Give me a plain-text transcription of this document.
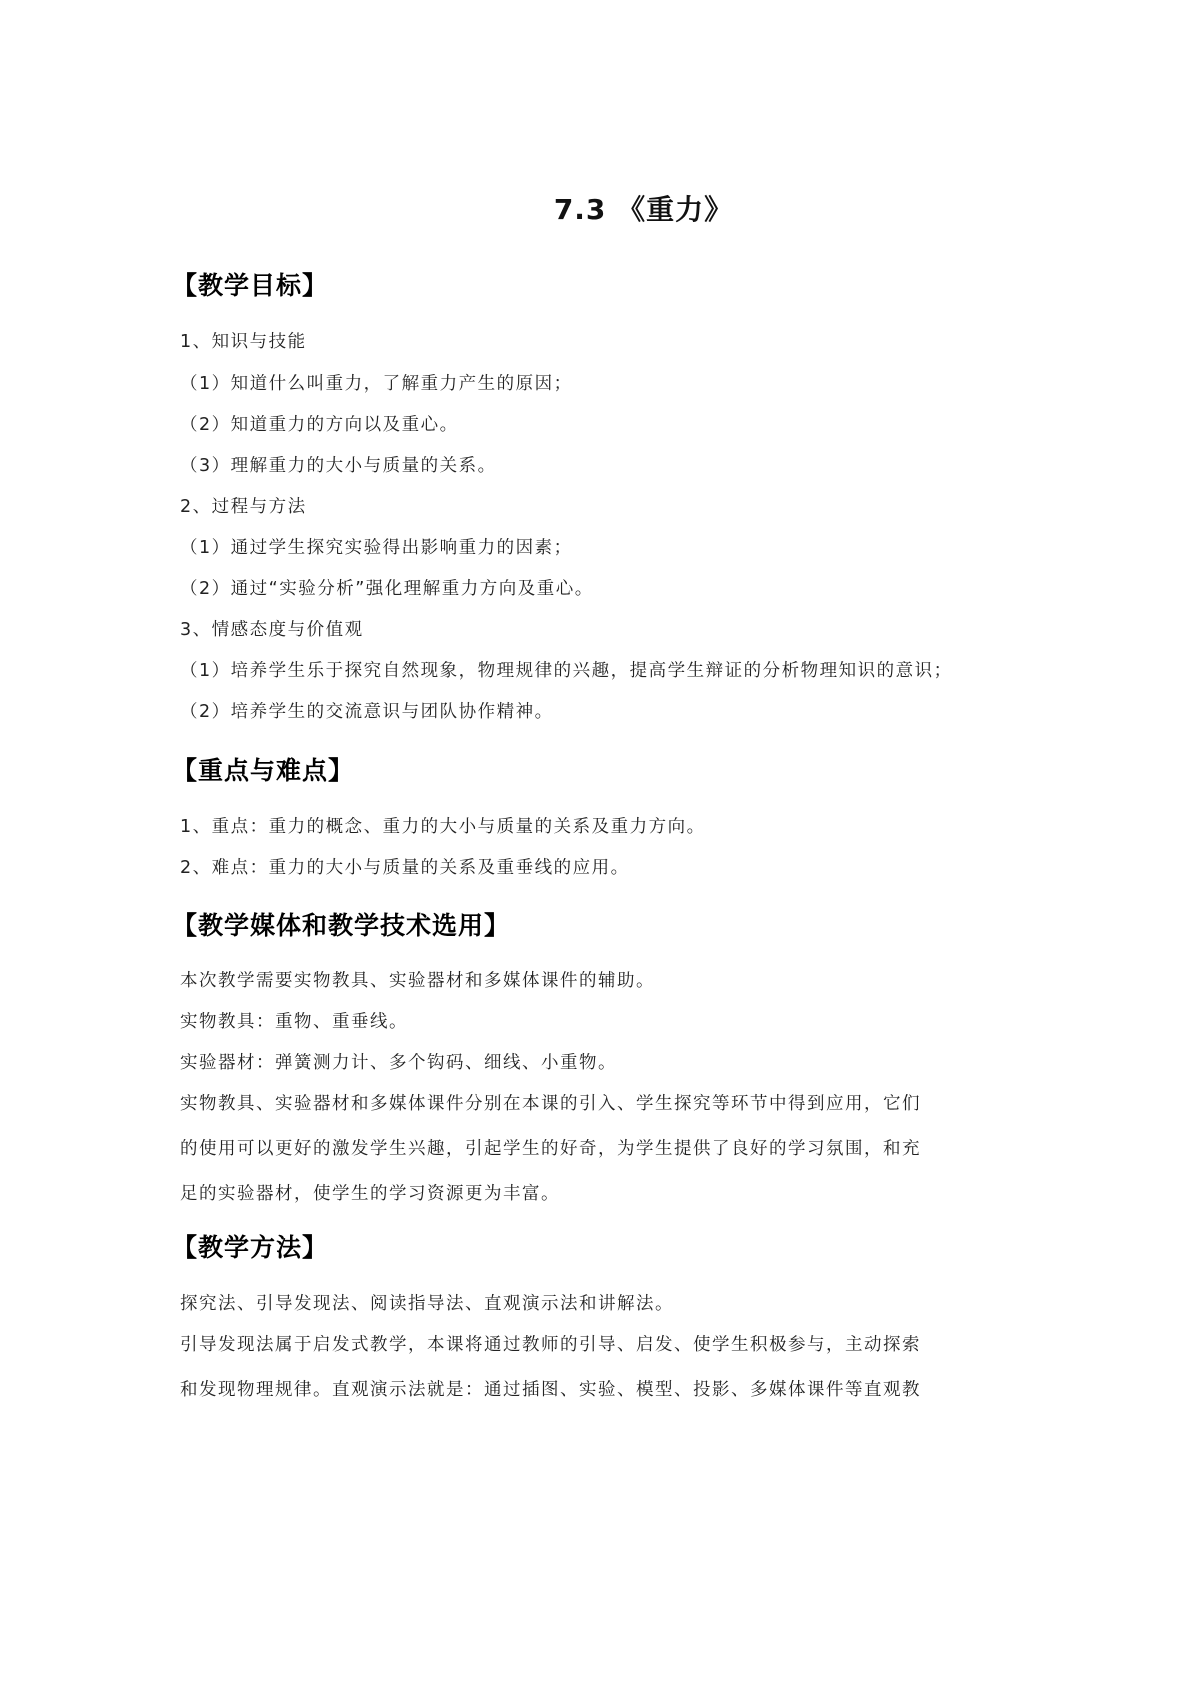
7.3 《重力》
【教学目标】
1、知识与技能
（1）知道什么叫重力，了解重力产生的原因；
（2）知道重力的方向以及重心。
（3）理解重力的大小与质量的关系。
2、过程与方法
（1）通过学生探究实验得出影响重力的因素；
（2）通过“实验分析”强化理解重力方向及重心。
3、情感态度与价值观
（1）培养学生乐于探究自然现象，物理规律的兴趣，提高学生辩证的分析物理知识的意识；
（2）培养学生的交流意识与团队协作精神。
【重点与难点】
1、重点：重力的概念、重力的大小与质量的关系及重力方向。
2、难点：重力的大小与质量的关系及重垂线的应用。
【教学媒体和教学技术选用】
本次教学需要实物教具、实验器材和多媒体课件的辅助。
实物教具：重物、重垂线。
实验器材：弹簧测力计、多个钩码、细线、小重物。
实物教具、实验器材和多媒体课件分别在本课的引入、学生探究等环节中得到应用，它们
的使用可以更好的激发学生兴趣，引起学生的好奇，为学生提供了良好的学习氛围，和充
足的实验器材，使学生的学习资源更为丰富。
【教学方法】
探究法、引导发现法、阅读指导法、直观演示法和讲解法。
引导发现法属于启发式教学，本课将通过教师的引导、启发、使学生积极参与，主动探索
和发现物理规律。直观演示法就是：通过插图、实验、模型、投影、多媒体课件等直观教
